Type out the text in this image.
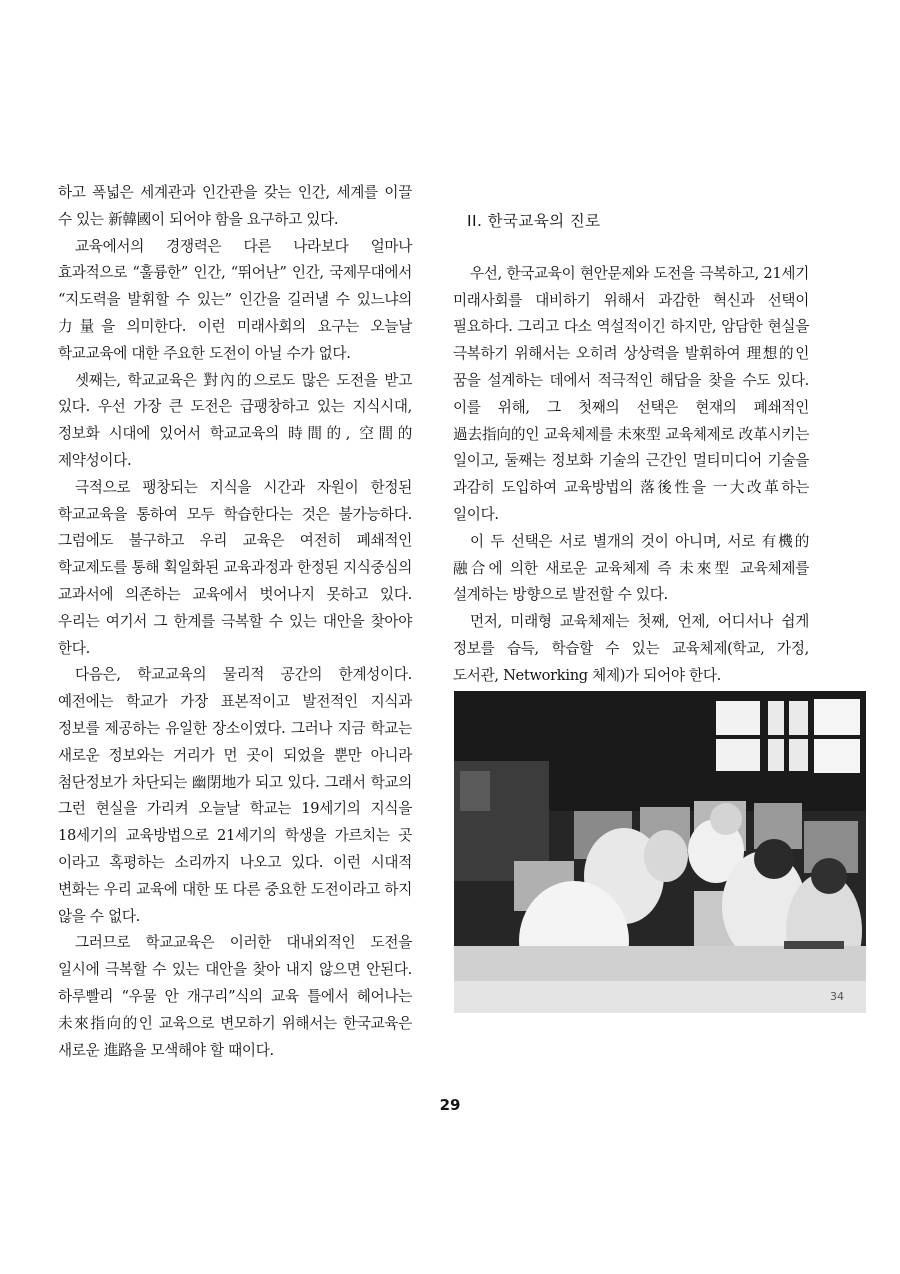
하고 폭넓은 세계관과 인간관을 갖는 인간, 세계를 이끌 수 있는 新韓國이 되어야 함을 요구하고 있다.

교육에서의 경쟁력은 다른 나라보다 얼마나 효과적으로 “훌륭한” 인간, “뛰어난” 인간, 국제무대에서 “지도력을 발휘할 수 있는” 인간을 길러낼 수 있느냐의 力量을 의미한다. 이런 미래사회의 요구는 오늘날 학교교육에 대한 주요한 도전이 아닐 수가 없다.

셋째는, 학교교육은 對內的으로도 많은 도전을 받고 있다. 우선 가장 큰 도전은 급팽창하고 있는 지식시대, 정보화 시대에 있어서 학교교육의 時間的, 空間的 제약성이다.

극적으로 팽창되는 지식을 시간과 자원이 한정된 학교교육을 통하여 모두 학습한다는 것은 불가능하다. 그럼에도 불구하고 우리 교육은 여전히 폐쇄적인 학교제도를 통해 획일화된 교육과정과 한정된 지식중심의 교과서에 의존하는 교육에서 벗어나지 못하고 있다. 우리는 여기서 그 한계를 극복할 수 있는 대안을 찾아야 한다.

다음은, 학교교육의 물리적 공간의 한계성이다. 예전에는 학교가 가장 표본적이고 발전적인 지식과 정보를 제공하는 유일한 장소이였다. 그러나 지금 학교는 새로운 정보와는 거리가 먼 곳이 되었을 뿐만 아니라 첨단정보가 차단되는 幽閉地가 되고 있다. 그래서 학교의 그런 현실을 가리켜 오늘날 학교는 19세기의 지식을 18세기의 교육방법으로 21세기의 학생을 가르치는 곳 이라고 혹평하는 소리까지 나오고 있다. 이런 시대적 변화는 우리 교육에 대한 또 다른 중요한 도전이라고 하지 않을 수 없다.

그러므로 학교교육은 이러한 대내외적인 도전을 일시에 극복할 수 있는 대안을 찾아 내지 않으면 안된다. 하루빨리 “우물 안 개구리”식의 교육 틀에서 헤어나는 未來指向的인 교육으로 변모하기 위해서는 한국교육은 새로운 進路을 모색해야 할 때이다.

II. 한국교육의 진로

우선, 한국교육이 현안문제와 도전을 극복하고, 21세기 미래사회를 대비하기 위해서 과감한 혁신과 선택이 필요하다. 그리고 다소 역설적이긴 하지만, 암담한 현실을 극복하기 위해서는 오히려 상상력을 발휘하여 理想的인 꿈을 설계하는 데에서 적극적인 해답을 찾을 수도 있다. 이를 위해, 그 첫째의 선택은 현재의 폐쇄적인 過去指向的인 교육체제를 未來型 교육체제로 改革시키는 일이고, 둘째는 정보화 기술의 근간인 멀티미디어 기술을 과감히 도입하여 교육방법의 落後性을 一大改革하는 일이다.

이 두 선택은 서로 별개의 것이 아니며, 서로 有機的 融合에 의한 새로운 교육체제 즉 未來型 교육체제를 설계하는 방향으로 발전할 수 있다.

먼저, 미래형 교육체제는 첫째, 언제, 어디서나 쉽게 정보를 습득, 학습할 수 있는 교육체제(학교, 가정, 도서관, Networking 체제)가 되어야 한다.

34
29
